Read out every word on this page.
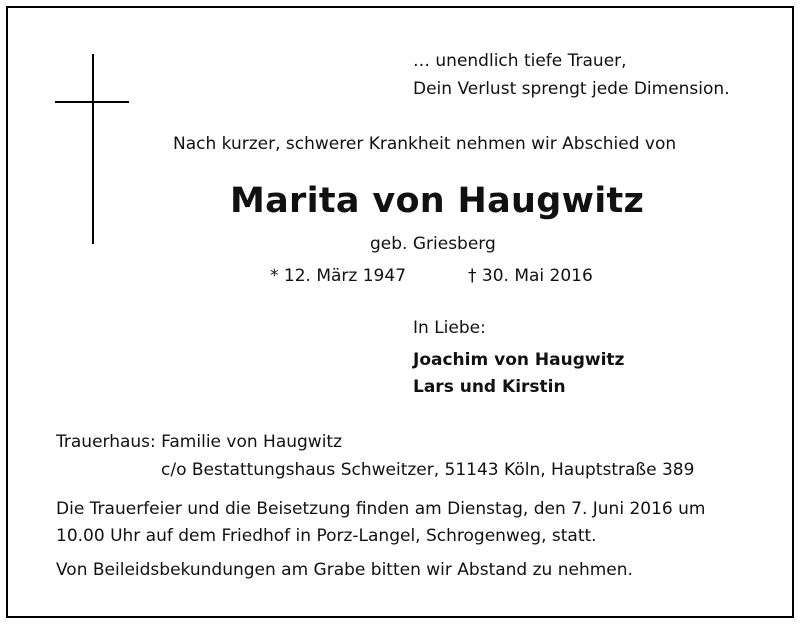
… unendlich tiefe Trauer,
Dein Verlust sprengt jede Dimension.
Nach kurzer, schwerer Krankheit nehmen wir Abschied von
Marita von Haugwitz
geb. Griesberg
* 12. März 1947	† 30. Mai 2016
In Liebe:
Joachim von Haugwitz
Lars und Kirstin
Trauerhaus: Familie von Haugwitz
c/o Bestattungshaus Schweitzer, 51143 Köln, Hauptstraße 389
Die Trauerfeier und die Beisetzung finden am Dienstag, den 7. Juni 2016 um
10.00 Uhr auf dem Friedhof in Porz-Langel, Schrogenweg, statt.
Von Beileidsbekundungen am Grabe bitten wir Abstand zu nehmen.
